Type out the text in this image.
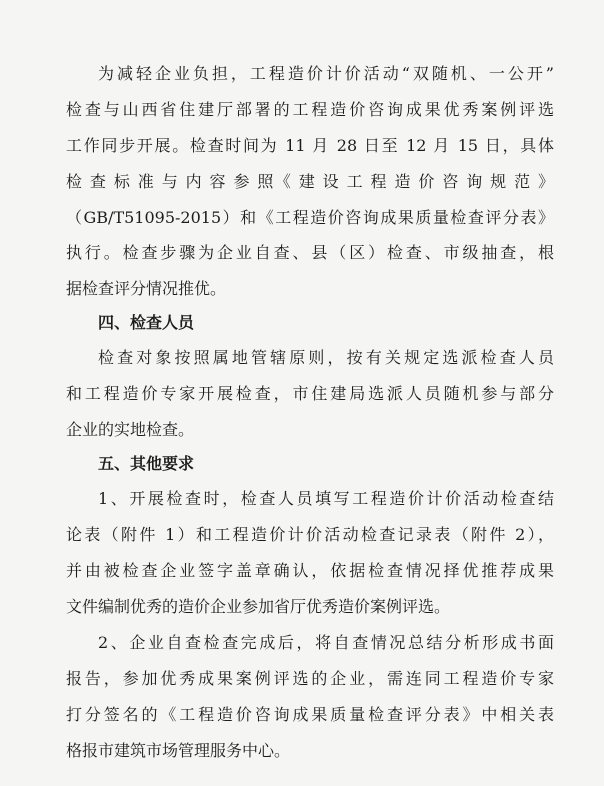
为减轻企业负担，工程造价计价活动“双随机、一公开”
检查与山西省住建厅部署的工程造价咨询成果优秀案例评选
工作同步开展。检查时间为 11 月 28 日至 12 月 15 日，具体
检 查 标 准 与 内 容 参 照《 建 设 工 程 造 价 咨 询 规 范 》
（GB/T51095-2015）和《工程造价咨询成果质量检查评分表》
执行。检查步骤为企业自查、县（区）检查、市级抽查，根
据检查评分情况推优。
四、检查人员
检查对象按照属地管辖原则，按有关规定选派检查人员
和工程造价专家开展检查，市住建局选派人员随机参与部分
企业的实地检查。
五、其他要求
1、开展检查时，检查人员填写工程造价计价活动检查结
论表（附件 1）和工程造价计价活动检查记录表（附件 2），
并由被检查企业签字盖章确认，依据检查情况择优推荐成果
文件编制优秀的造价企业参加省厅优秀造价案例评选。
2、企业自查检查完成后，将自查情况总结分析形成书面
报告，参加优秀成果案例评选的企业，需连同工程造价专家
打分签名的《工程造价咨询成果质量检查评分表》中相关表
格报市建筑市场管理服务中心。
